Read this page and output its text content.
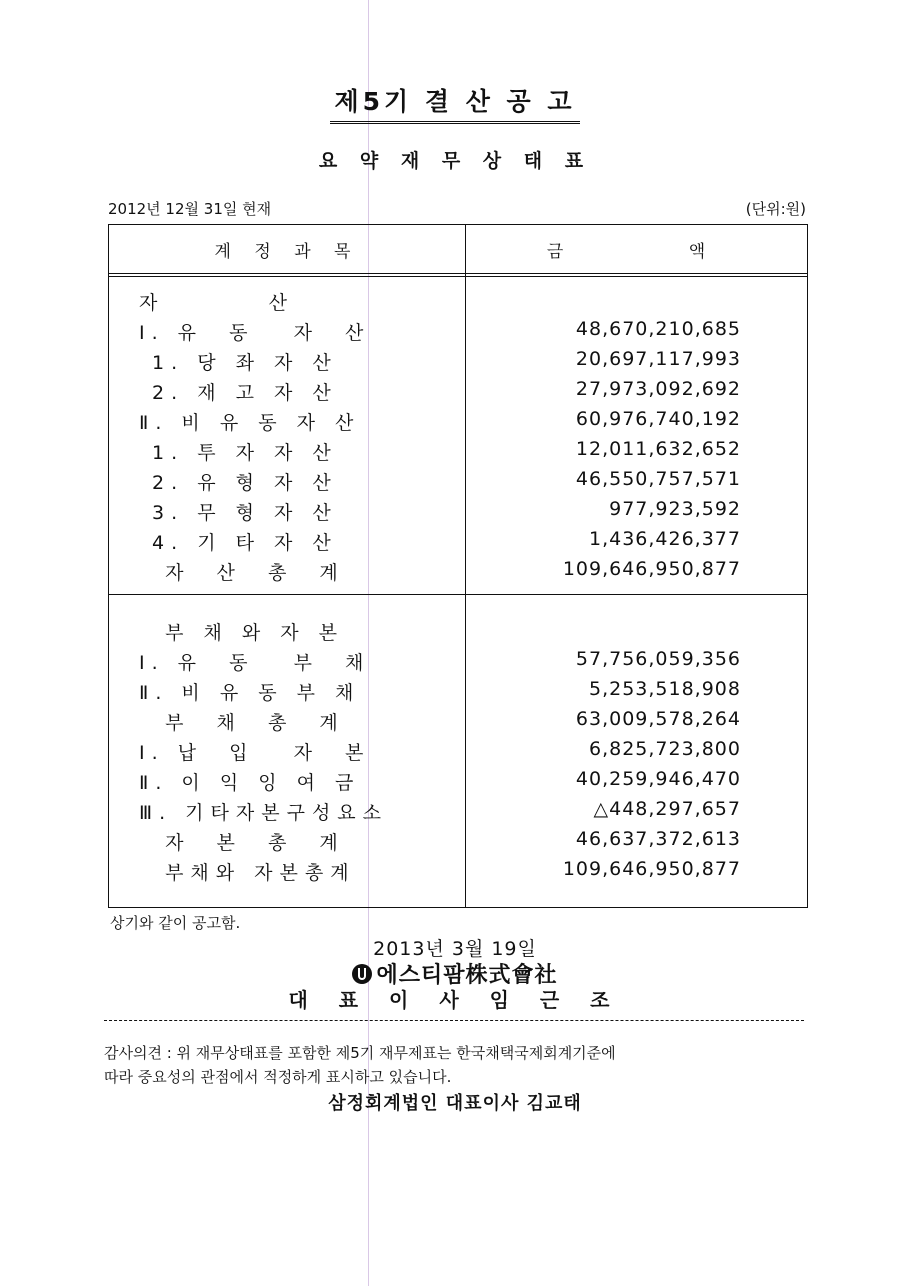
제5기 결 산 공 고
요 약 재 무 상 태 표
2012년 12월 31일 현재	(단위:원)
계 정 과 목	금 액
자        산
Ⅰ. 유  동   자  산	48,670,210,685
1. 당 좌 자 산	20,697,117,993
2. 재 고 자 산	27,973,092,692
Ⅱ. 비 유 동 자 산	60,976,740,192
1. 투 자 자 산	12,011,632,652
2. 유 형 자 산	46,550,757,571
3. 무 형 자 산	977,923,592
4. 기 타 자 산	1,436,426,377
자  산  총  계	109,646,950,877
부 채 와 자 본
Ⅰ. 유  동   부  채	57,756,059,356
Ⅱ. 비 유 동 부 채	5,253,518,908
부  채  총  계	63,009,578,264
Ⅰ. 납  입   자  본	6,825,723,800
Ⅱ. 이 익 잉 여 금	40,259,946,470
Ⅲ. 기타자본구성요소	△448,297,657
자  본  총  계	46,637,372,613
부채와 자본총계	109,646,950,877
상기와 같이 공고함.
2013년 3월 19일
에스티팜株式會社
대 표 이 사 임 근 조
감사의견 : 위 재무상태표를 포함한 제5기 재무제표는 한국채택국제회계기준에
따라 중요성의 관점에서 적정하게 표시하고 있습니다.
삼정회계법인 대표이사 김교태
